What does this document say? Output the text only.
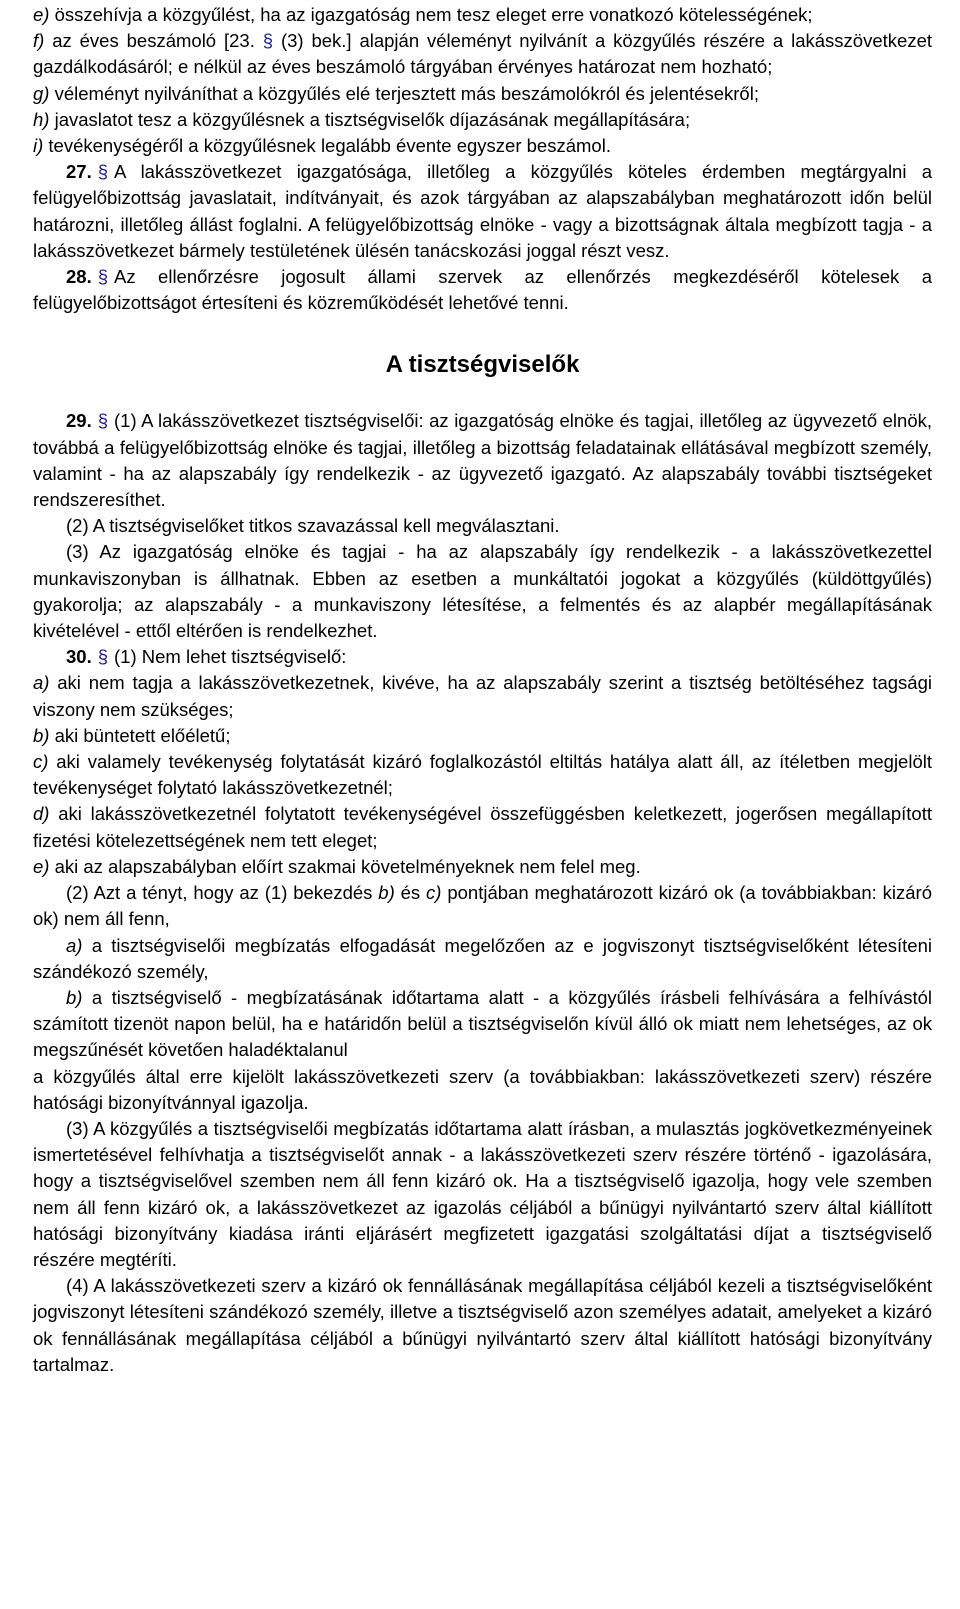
e) összehívja a közgyűlést, ha az igazgatóság nem tesz eleget erre vonatkozó kötelességének;

f) az éves beszámoló [23. § (3) bek.] alapján véleményt nyilvánít a közgyűlés részére a lakásszövetkezet gazdálkodásáról; e nélkül az éves beszámoló tárgyában érvényes határozat nem hozható;

g) véleményt nyilváníthat a közgyűlés elé terjesztett más beszámolókról és jelentésekről;

h) javaslatot tesz a közgyűlésnek a tisztségviselők díjazásának megállapítására;

i) tevékenységéről a közgyűlésnek legalább évente egyszer beszámol.

27. § A lakásszövetkezet igazgatósága, illetőleg a közgyűlés köteles érdemben megtárgyalni a felügyelőbizottság javaslatait, indítványait, és azok tárgyában az alapszabályban meghatározott időn belül határozni, illetőleg állást foglalni. A felügyelőbizottság elnöke - vagy a bizottságnak általa megbízott tagja - a lakásszövetkezet bármely testületének ülésén tanácskozási joggal részt vesz.

28. § Az ellenőrzésre jogosult állami szervek az ellenőrzés megkezdéséről kötelesek a felügyelőbizottságot értesíteni és közreműködését lehetővé tenni.

A tisztségviselők

29. § (1) A lakásszövetkezet tisztségviselői: az igazgatóság elnöke és tagjai, illetőleg az ügyvezető elnök, továbbá a felügyelőbizottság elnöke és tagjai, illetőleg a bizottság feladatainak ellátásával megbízott személy, valamint - ha az alapszabály így rendelkezik - az ügyvezető igazgató. Az alapszabály további tisztségeket rendszeresíthet.

(2) A tisztségviselőket titkos szavazással kell megválasztani.

(3) Az igazgatóság elnöke és tagjai - ha az alapszabály így rendelkezik - a lakásszövetkezettel munkaviszonyban is állhatnak. Ebben az esetben a munkáltatói jogokat a közgyűlés (küldöttgyűlés) gyakorolja; az alapszabály - a munkaviszony létesítése, a felmentés és az alapbér megállapításának kivételével - ettől eltérően is rendelkezhet.

30. § (1) Nem lehet tisztségviselő:

a) aki nem tagja a lakásszövetkezetnek, kivéve, ha az alapszabály szerint a tisztség betöltéséhez tagsági viszony nem szükséges;

b) aki büntetett előéletű;

c) aki valamely tevékenység folytatását kizáró foglalkozástól eltiltás hatálya alatt áll, az ítéletben megjelölt tevékenységet folytató lakásszövetkezetnél;

d) aki lakásszövetkezetnél folytatott tevékenységével összefüggésben keletkezett, jogerősen megállapított fizetési kötelezettségének nem tett eleget;

e) aki az alapszabályban előírt szakmai követelményeknek nem felel meg.

(2) Azt a tényt, hogy az (1) bekezdés b) és c) pontjában meghatározott kizáró ok (a továbbiakban: kizáró ok) nem áll fenn,

a) a tisztségviselői megbízatás elfogadását megelőzően az e jogviszonyt tisztségviselőként létesíteni szándékozó személy,

b) a tisztségviselő - megbízatásának időtartama alatt - a közgyűlés írásbeli felhívására a felhívástól számított tizenöt napon belül, ha e határidőn belül a tisztségviselőn kívül álló ok miatt nem lehetséges, az ok megszűnését követően haladéktalanul

a közgyűlés által erre kijelölt lakásszövetkezeti szerv (a továbbiakban: lakásszövetkezeti szerv) részére hatósági bizonyítvánnyal igazolja.

(3) A közgyűlés a tisztségviselői megbízatás időtartama alatt írásban, a mulasztás jogkövetkezményeinek ismertetésével felhívhatja a tisztségviselőt annak - a lakásszövetkezeti szerv részére történő - igazolására, hogy a tisztségviselővel szemben nem áll fenn kizáró ok. Ha a tisztségviselő igazolja, hogy vele szemben nem áll fenn kizáró ok, a lakásszövetkezet az igazolás céljából a bűnügyi nyilvántartó szerv által kiállított hatósági bizonyítvány kiadása iránti eljárásért megfizetett igazgatási szolgáltatási díjat a tisztségviselő részére megtéríti.

(4) A lakásszövetkezeti szerv a kizáró ok fennállásának megállapítása céljából kezeli a tisztségviselőként jogviszonyt létesíteni szándékozó személy, illetve a tisztségviselő azon személyes adatait, amelyeket a kizáró ok fennállásának megállapítása céljából a bűnügyi nyilvántartó szerv által kiállított hatósági bizonyítvány tartalmaz.
